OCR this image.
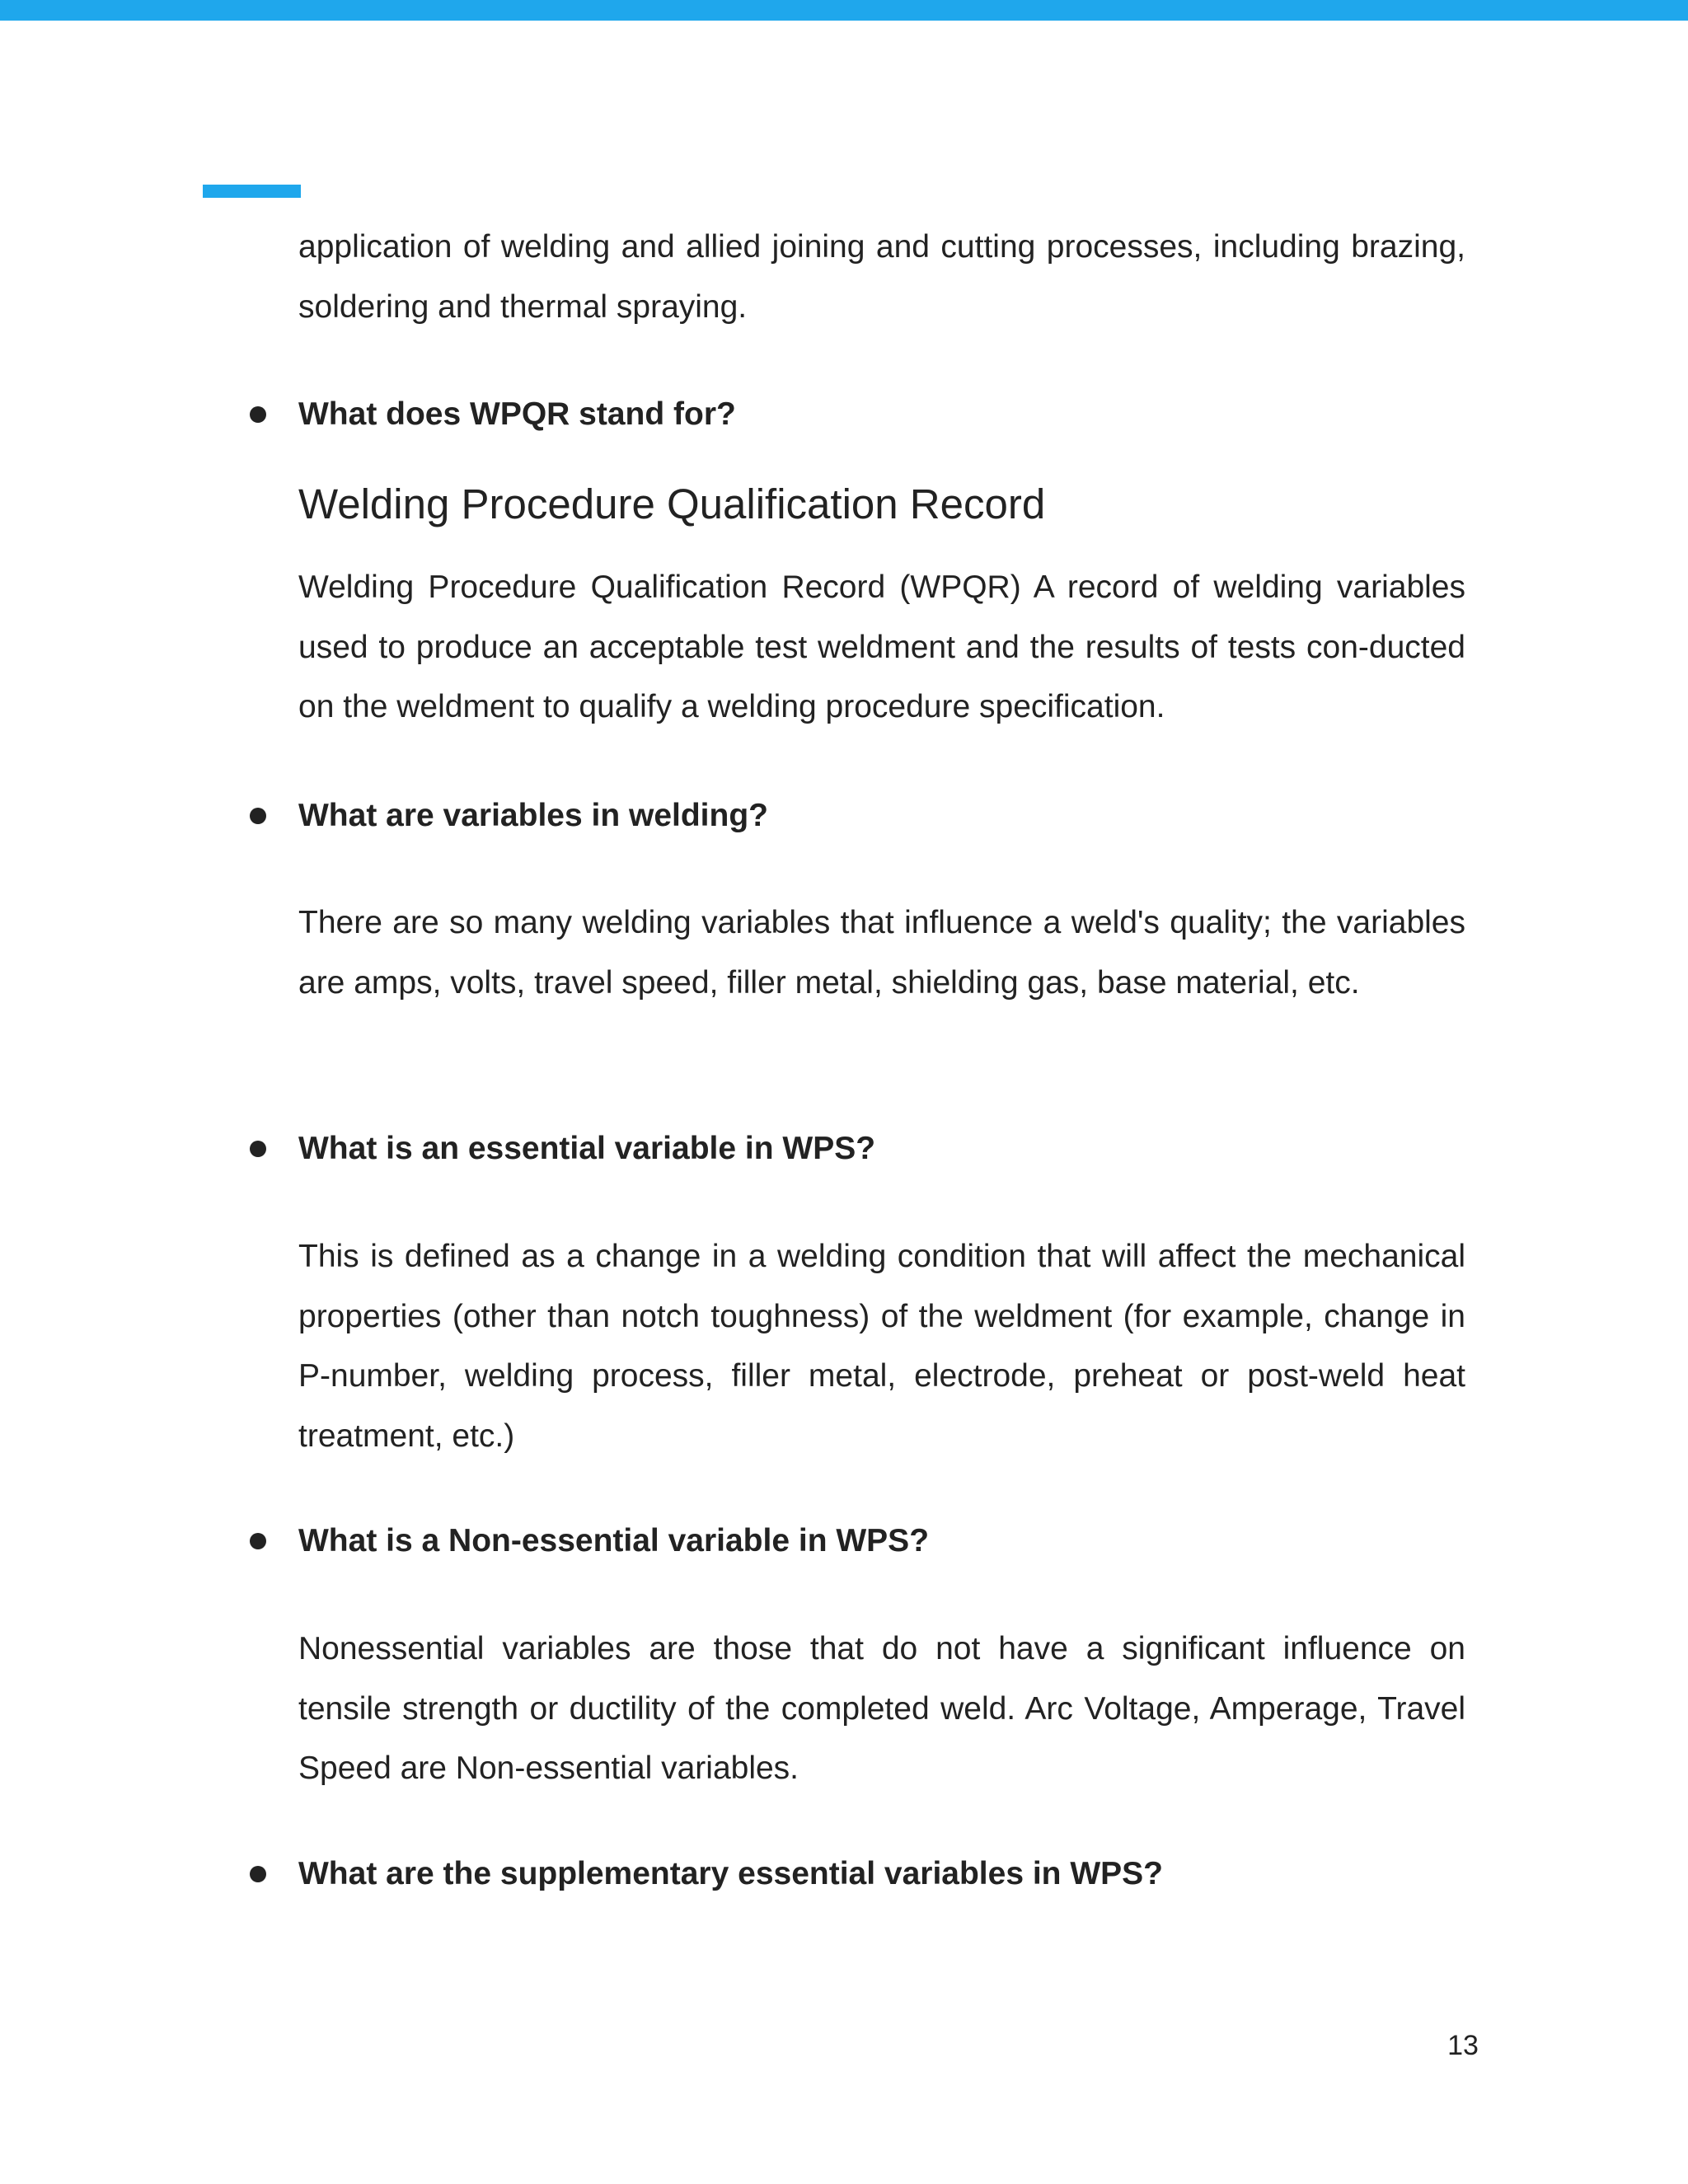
application of welding and allied joining and cutting processes, including brazing, soldering and thermal spraying.

What does WPQR stand for?

Welding Procedure Qualification Record

Welding Procedure Qualification Record (WPQR) A record of welding variables used to produce an acceptable test weldment and the results of tests con-ducted on the weldment to qualify a welding procedure specification.

What are variables in welding?

There are so many welding variables that influence a weld's quality; the variables are amps, volts, travel speed, filler metal, shielding gas, base material, etc.

What is an essential variable in WPS?

This is defined as a change in a welding condition that will affect the mechanical properties (other than notch toughness) of the weldment (for example, change in P-number, welding process, filler metal, electrode, preheat or post-weld heat treatment, etc.)

What is a Non-essential variable in WPS?

Nonessential variables are those that do not have a significant influence on tensile strength or ductility of the completed weld. Arc Voltage, Amperage, Travel Speed are Non-essential variables.

What are the supplementary essential variables in WPS?

13
